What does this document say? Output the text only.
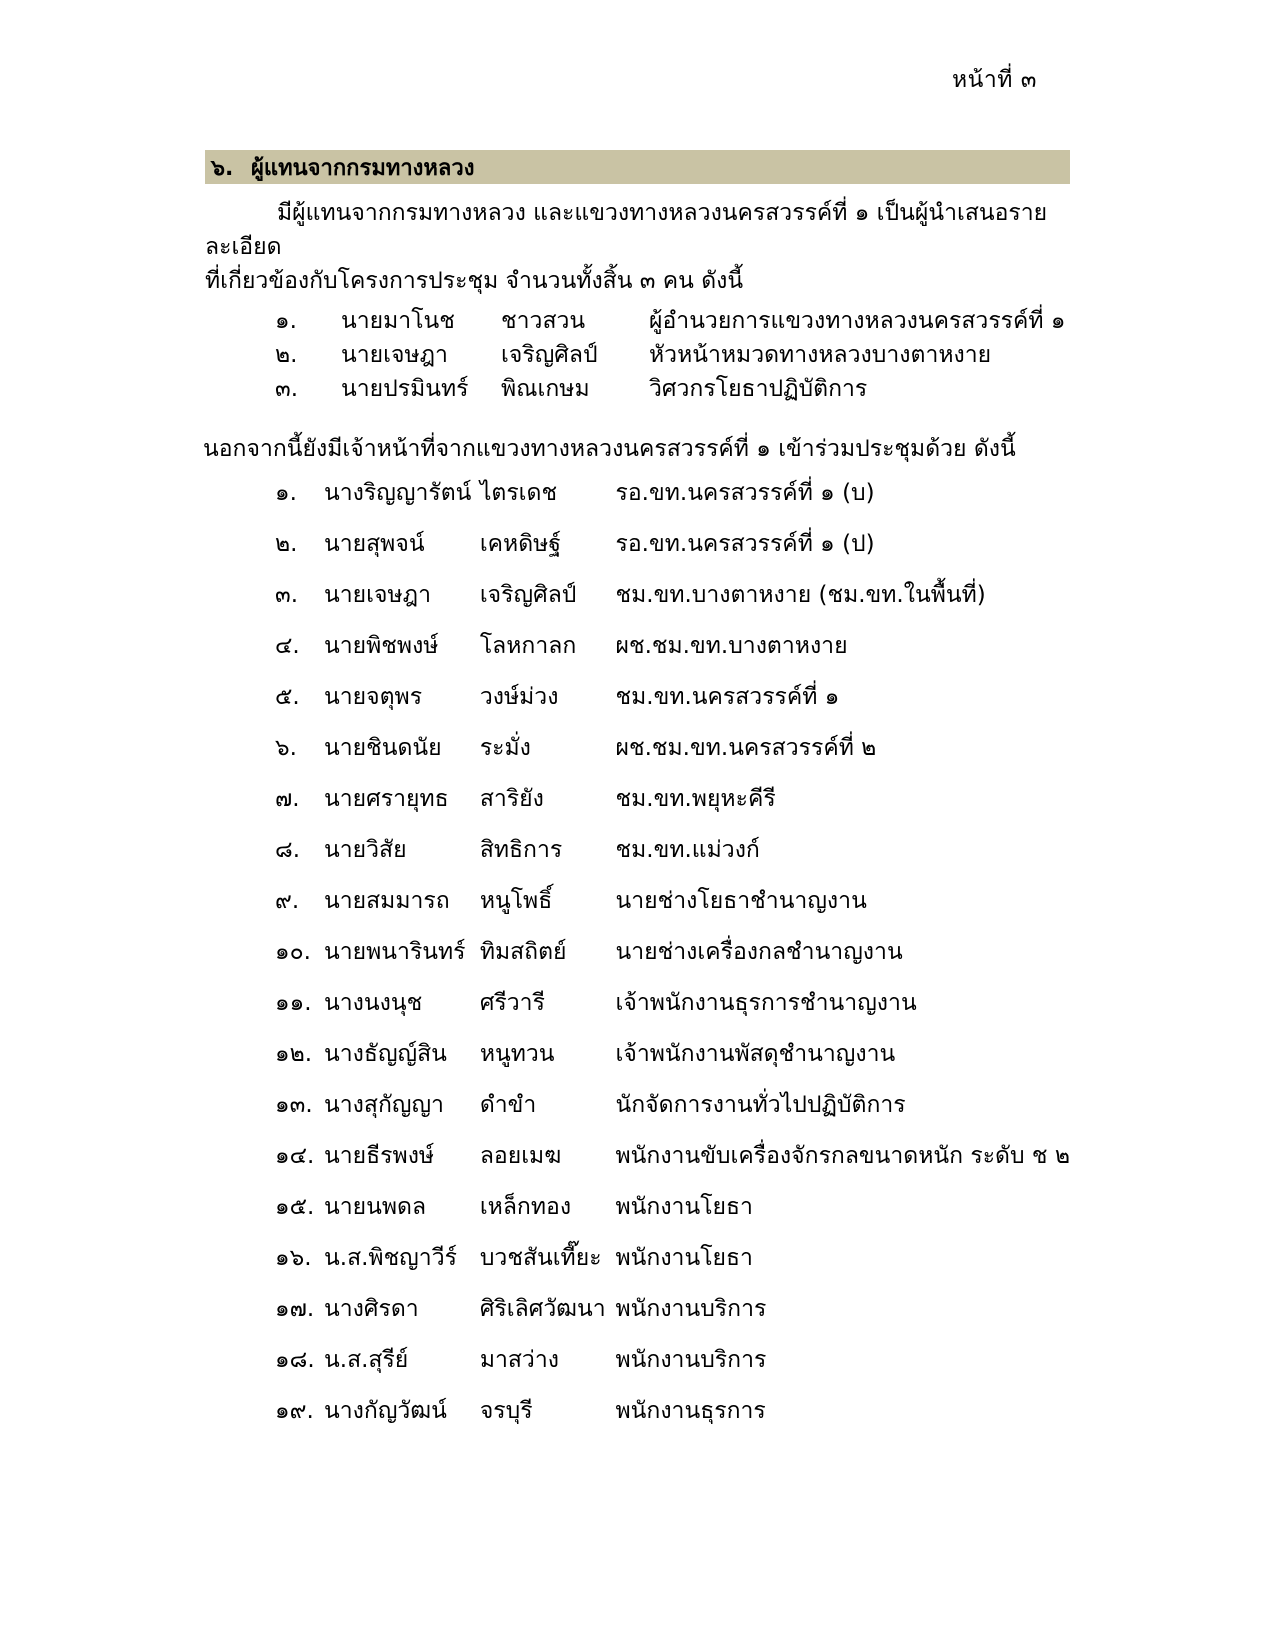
หน้าที่ ๓
๖. ผู้แทนจากกรมทางหลวง
มีผู้แทนจากกรมทางหลวง และแขวงทางหลวงนครสวรรค์ที่ ๑ เป็นผู้นำเสนอรายละเอียด
ที่เกี่ยวข้องกับโครงการประชุม จำนวนทั้งสิ้น ๓ คน ดังนี้
๑.	นายมาโนช	ชาวสวน	ผู้อำนวยการแขวงทางหลวงนครสวรรค์ที่ ๑
๒.	นายเจษฎา	เจริญศิลป์	หัวหน้าหมวดทางหลวงบางตาหงาย
๓.	นายปรมินทร์	พิณเกษม	วิศวกรโยธาปฏิบัติการ
นอกจากนี้ยังมีเจ้าหน้าที่จากแขวงทางหลวงนครสวรรค์ที่ ๑ เข้าร่วมประชุมด้วย ดังนี้
๑.	นางริญญารัตน์	ไตรเดช	รอ.ขท.นครสวรรค์ที่ ๑ (บ)
๒.	นายสุพจน์	เคหดิษฐ์	รอ.ขท.นครสวรรค์ที่ ๑ (ป)
๓.	นายเจษฎา	เจริญศิลป์	ชม.ขท.บางตาหงาย (ชม.ขท.ในพื้นที่)
๔.	นายพิชพงษ์	โลหกาลก	ผช.ชม.ขท.บางตาหงาย
๕.	นายจตุพร	วงษ์ม่วง	ชม.ขท.นครสวรรค์ที่ ๑
๖.	นายชินดนัย	ระมั่ง	ผช.ชม.ขท.นครสวรรค์ที่ ๒
๗.	นายศรายุทธ	สาริยัง	ชม.ขท.พยุหะคีรี
๘.	นายวิสัย	สิทธิการ	ชม.ขท.แม่วงก์
๙.	นายสมมารถ	หนูโพธิ์	นายช่างโยธาชำนาญงาน
๑๐.	นายพนารินทร์	ทิมสถิตย์	นายช่างเครื่องกลชำนาญงาน
๑๑.	นางนงนุช	ศรีวารี	เจ้าพนักงานธุรการชำนาญงาน
๑๒.	นางธัญญ์สิน	หนูทวน	เจ้าพนักงานพัสดุชำนาญงาน
๑๓.	นางสุกัญญา	ดำขำ	นักจัดการงานทั่วไปปฏิบัติการ
๑๔.	นายธีรพงษ์	ลอยเมฆ	พนักงานขับเครื่องจักรกลขนาดหนัก ระดับ ช ๒
๑๕.	นายนพดล	เหล็กทอง	พนักงานโยธา
๑๖.	น.ส.พิชญาวีร์	บวชสันเที๊ยะ	พนักงานโยธา
๑๗.	นางศิรดา	ศิริเลิศวัฒนา	พนักงานบริการ
๑๘.	น.ส.สุรีย์	มาสว่าง	พนักงานบริการ
๑๙.	นางกัญวัฒน์	จรบุรี	พนักงานธุรการ
